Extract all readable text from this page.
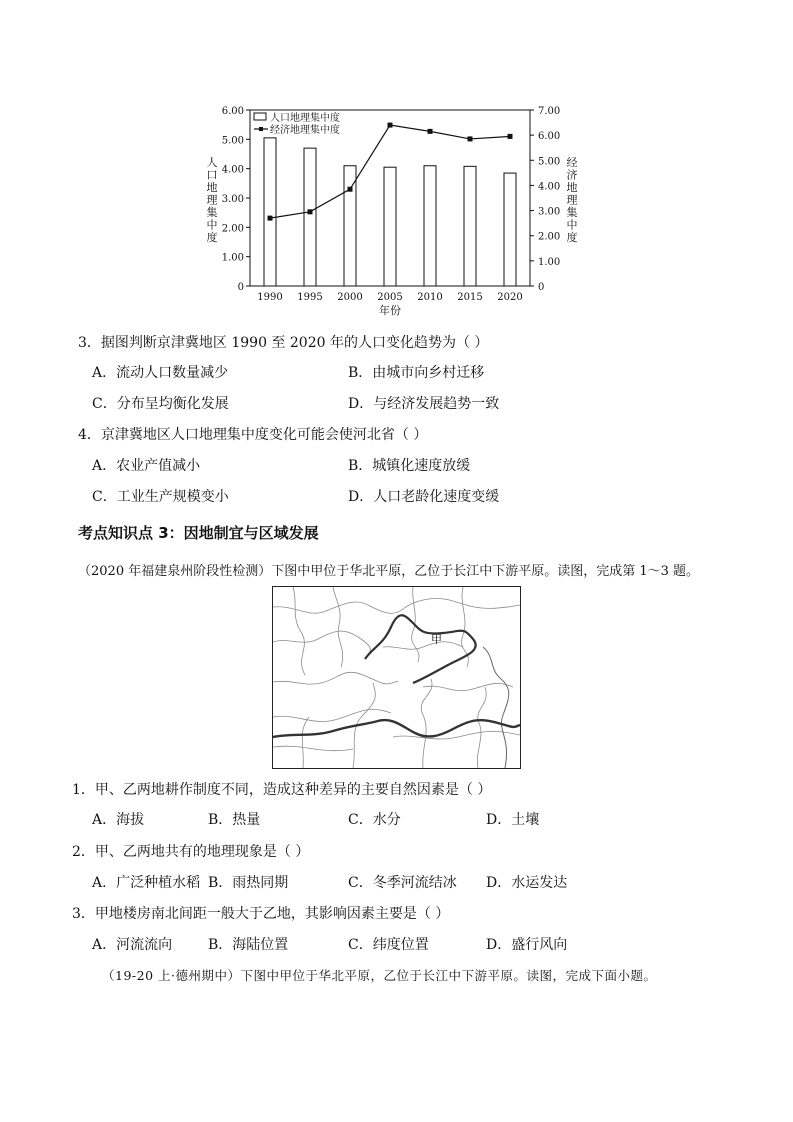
0
1.00
2.00
3.00
4.00
5.00
6.00
0
1.00
2.00
3.00
4.00
5.00
6.00
7.00
1990 1995 2000 2005 2010 2015 2020
年份
人
口
地
理
集
中
度
经
济
地
理
集
中
度
人口地理集中度
经济地理集中度
3．据图判断京津冀地区 1990 至 2020 年的人口变化趋势为（ ）
A．流动人口数量减少	B．由城市向乡村迁移
C．分布呈均衡化发展	D．与经济发展趋势一致
4．京津冀地区人口地理集中度变化可能会使河北省（ ）
A．农业产值减小	B．城镇化速度放缓
C．工业生产规模变小	D．人口老龄化速度变缓
考点知识点 3：因地制宜与区域发展
（2020 年福建泉州阶段性检测）下图中甲位于华北平原，乙位于长江中下游平原。读图，完成第 1～3 题。
甲
1．甲、乙两地耕作制度不同，造成这种差异的主要自然因素是（ ）
A．海拔	B．热量	C．水分	D．土壤
2．甲、乙两地共有的地理现象是（ ）
A．广泛种植水稻 B．雨热同期	C．冬季河流结冰 D．水运发达
3．甲地楼房南北间距一般大于乙地，其影响因素主要是（ ）
A．河流流向	B．海陆位置	C．纬度位置	D．盛行风向
（19-20 上·德州期中）下图中甲位于华北平原，乙位于长江中下游平原。读图，完成下面小题。
